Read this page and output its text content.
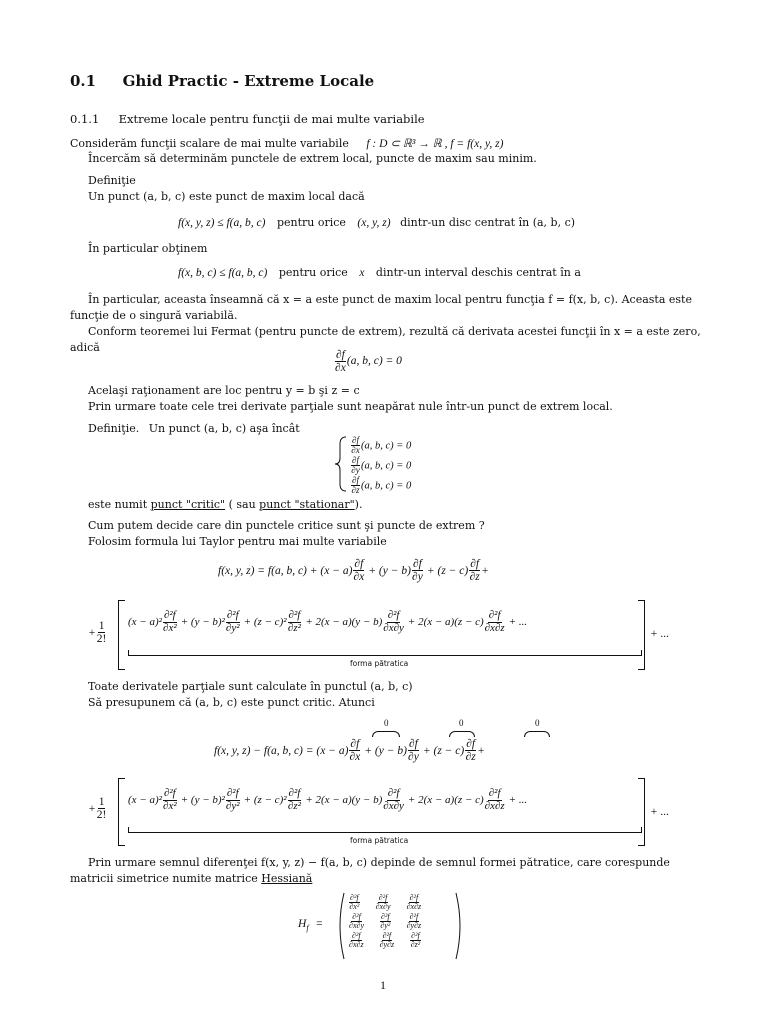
0.1 Ghid Practic - Extreme Locale
0.1.1 Extreme locale pentru funcţii de mai multe variabile
Considerăm funcţii scalare de mai multe variabile f : D ⊂ ℝ³ → ℝ , f = f(x, y, z)
Încercăm să determinăm punctele de extrem local, puncte de maxim sau minim.
Definiţie
Un punct (a, b, c) este punct de maxim local dacă
f(x, y, z) ≤ f(a, b, c) pentru orice (x, y, z) dintr-un disc centrat în (a, b, c)
În particular obţinem
f(x, b, c) ≤ f(a, b, c) pentru orice x dintr-un interval deschis centrat în a
În particular, aceasta înseamnă că x = a este punct de maxim local pentru funcţia f = f(x, b, c). Aceasta este
funcţie de o singură variabilă.
Conform teoremei lui Fermat (pentru puncte de extrem), rezultă că derivata acestei funcţii în x = a este zero,
adică
$\frac{\partial f}{\partial x} (a$, b, c) = 0
Acelaşi raţionament are loc pentru y = b şi z = c
Prin urmare toate cele trei derivate parţiale sunt neapărat nule într-un punct de extrem local.
Definiţie. Un punct (a, b, c) aşa încât
$\frac{\partial f}{\partial x} (a$, b, c) = 0
$\frac{\partial f}{\partial y} (a$, b, c) = 0
$\frac{\partial f}{\partial z} (a$, b, c) = 0
este numit punct "critic" ( sau punct "stationar").
Cum putem decide care din punctele critice sunt şi puncte de extrem ?
Folosim formula lui Taylor pentru mai multe variabile
f(x, y, z) = f(a, b, $c) + (x - a) \frac{\partial f}{\partial x} + (y - b) \frac{\partial f}{\partial y} + (z - c) \frac{\partial f}{\partial z}$ +
+ $\frac{1}{2!} (x - a)^2 \frac{\text{∂²f}}{\text{∂x²}} + (y - b)^2 \frac{\text{∂²f}}{\text{∂y²}} + (z - c)^2 \frac{\text{∂²f}}{\text{∂z²}} + 2(x - a)(y - b) \frac{\text{∂²f}}{\partial x\partial y} + 2(x - a)(z - c) \frac{\text{∂²f}}{\partial x\partial z}$ + ...
forma pătratica
+ ...
Toate derivatele parţiale sunt calculate în punctul (a, b, c)
Să presupunem că (a, b, c) este punct critic. Atunci
0	0	0
f(x, y, z) − f(a, b, $c) = (x - a) \frac{\partial f}{\partial x} + (y - b) \frac{\partial f}{\partial y} + (z - c) \frac{\partial f}{\partial z}$ +
+ $\frac{1}{2!} (x - a)^2 \frac{\text{∂²f}}{\text{∂x²}} + (y - b)^2 \frac{\text{∂²f}}{\text{∂y²}} + (z - c)^2 \frac{\text{∂²f}}{\text{∂z²}} + 2(x - a)(y - b) \frac{\text{∂²f}}{\partial x\partial y} + 2(x - a)(z - c) \frac{\text{∂²f}}{\partial x\partial z}$ + ...
forma pătratica
+ ...
Prin urmare semnul diferenţei f(x, y, z) − f(a, b, c) depinde de semnul formei pătratice, care corespunde
matricii simetrice numite matrice Hessiană
$H_f$ =
$\frac{\text{∂²f}}{\text{∂x²}} \frac{\text{∂²f}}{\partial x\partial y} \frac{\text{∂²f}}{\partial x\partial z}$
$\frac{\text{∂²f}}{\partial x\partial y} \frac{\text{∂²f}}{\text{∂y²}} \frac{\text{∂²f}}{\partial y\partial z}$
$\frac{\text{∂²f}}{\partial x\partial z} \frac{\text{∂²f}}{\partial y\partial z} \frac{\text{∂²f}}{\text{∂z²}}$
1
